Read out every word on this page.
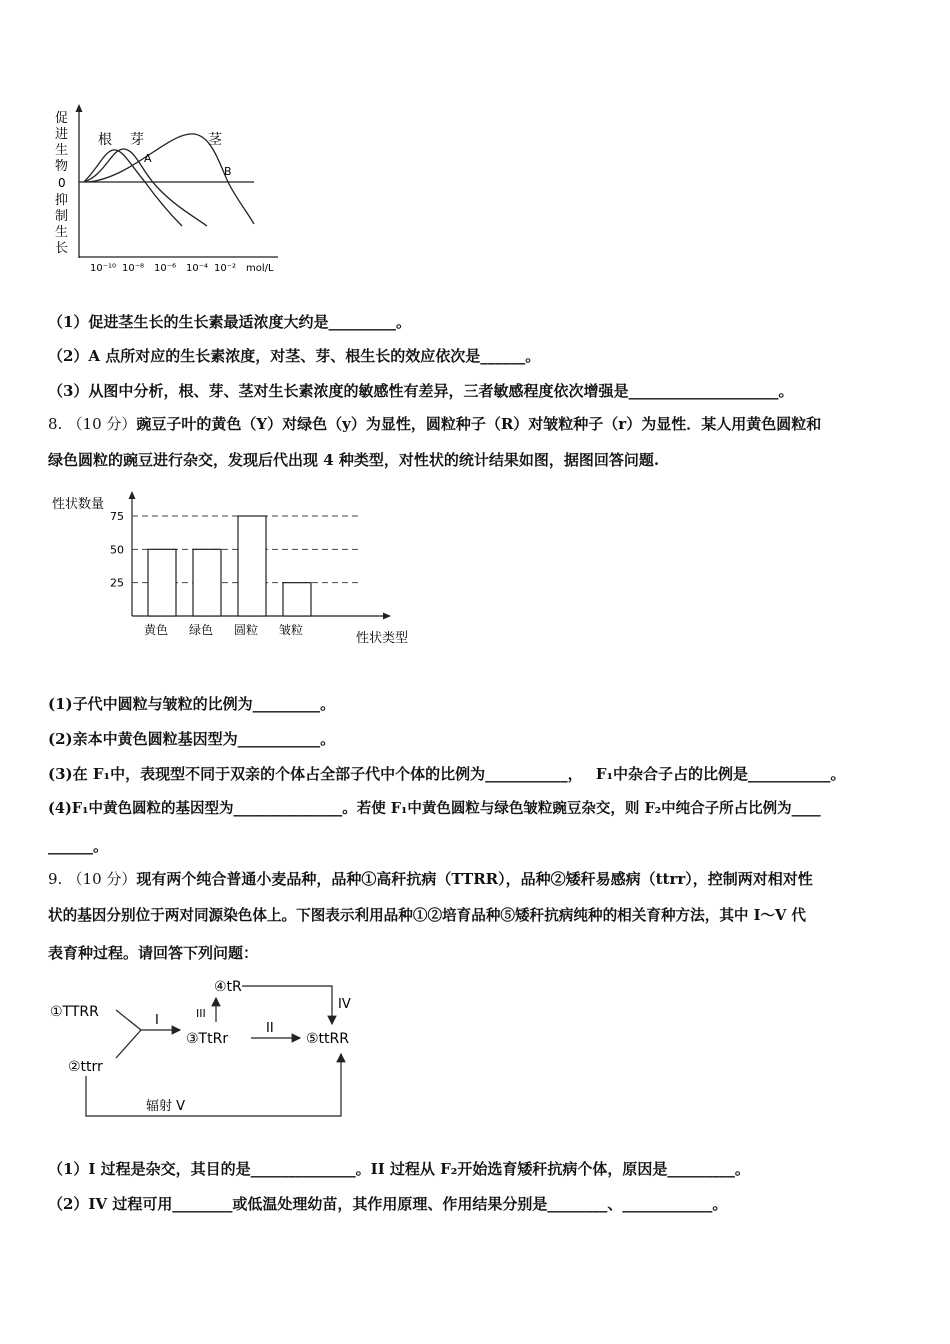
促
进
生
物
0
抑
制
生
长
根 芽	茎
A
B
10⁻¹⁰ 10⁻⁸ 10⁻⁶ 10⁻⁴ 10⁻² mol/L
（1）促进茎生长的生长素最适浓度大约是_________。
（2）A 点所对应的生长素浓度，对茎、芽、根生长的效应依次是______。
（3）从图中分析，根、芽、茎对生长素浓度的敏感性有差异，三者敏感程度依次增强是____________________。
8. （10 分）豌豆子叶的黄色（Y）对绿色（y）为显性，圆粒种子（R）对皱粒种子（r）为显性．某人用黄色圆粒和
绿色圆粒的豌豆进行杂交，发现后代出现 4 种类型，对性状的统计结果如图，据图回答问题.
性状数量
25
50
75
黄色 绿色 圆粒 皱粒
性状类型
(1)子代中圆粒与皱粒的比例为_________。
(2)亲本中黄色圆粒基因型为___________。
(3)在 F₁中，表现型不同于双亲的个体占全部子代中个体的比例为___________， F₁中杂合子占的比例是___________。
(4)F₁中黄色圆粒的基因型为_______________。若使 F₁中黄色圆粒与绿色皱粒豌豆杂交，则 F₂中纯合子所占比例为____
______。
9. （10 分）现有两个纯合普通小麦品种，品种①高秆抗病（TTRR），品种②矮秆易感病（ttrr），控制两对相对性
状的基因分别位于两对同源染色体上。下图表示利用品种①②培育品种⑤矮秆抗病纯种的相关育种方法，其中 I～V 代
表育种过程。请回答下列问题：
①TTRR
②ttrr
③TtRr
④tR
⑤ttRR
I
II
III
IV
辐射 V
（1）I 过程是杂交，其目的是______________。II 过程从 F₂开始选育矮秆抗病个体，原因是_________。
（2）IV 过程可用________或低温处理幼苗，其作用原理、作用结果分别是________、____________。
